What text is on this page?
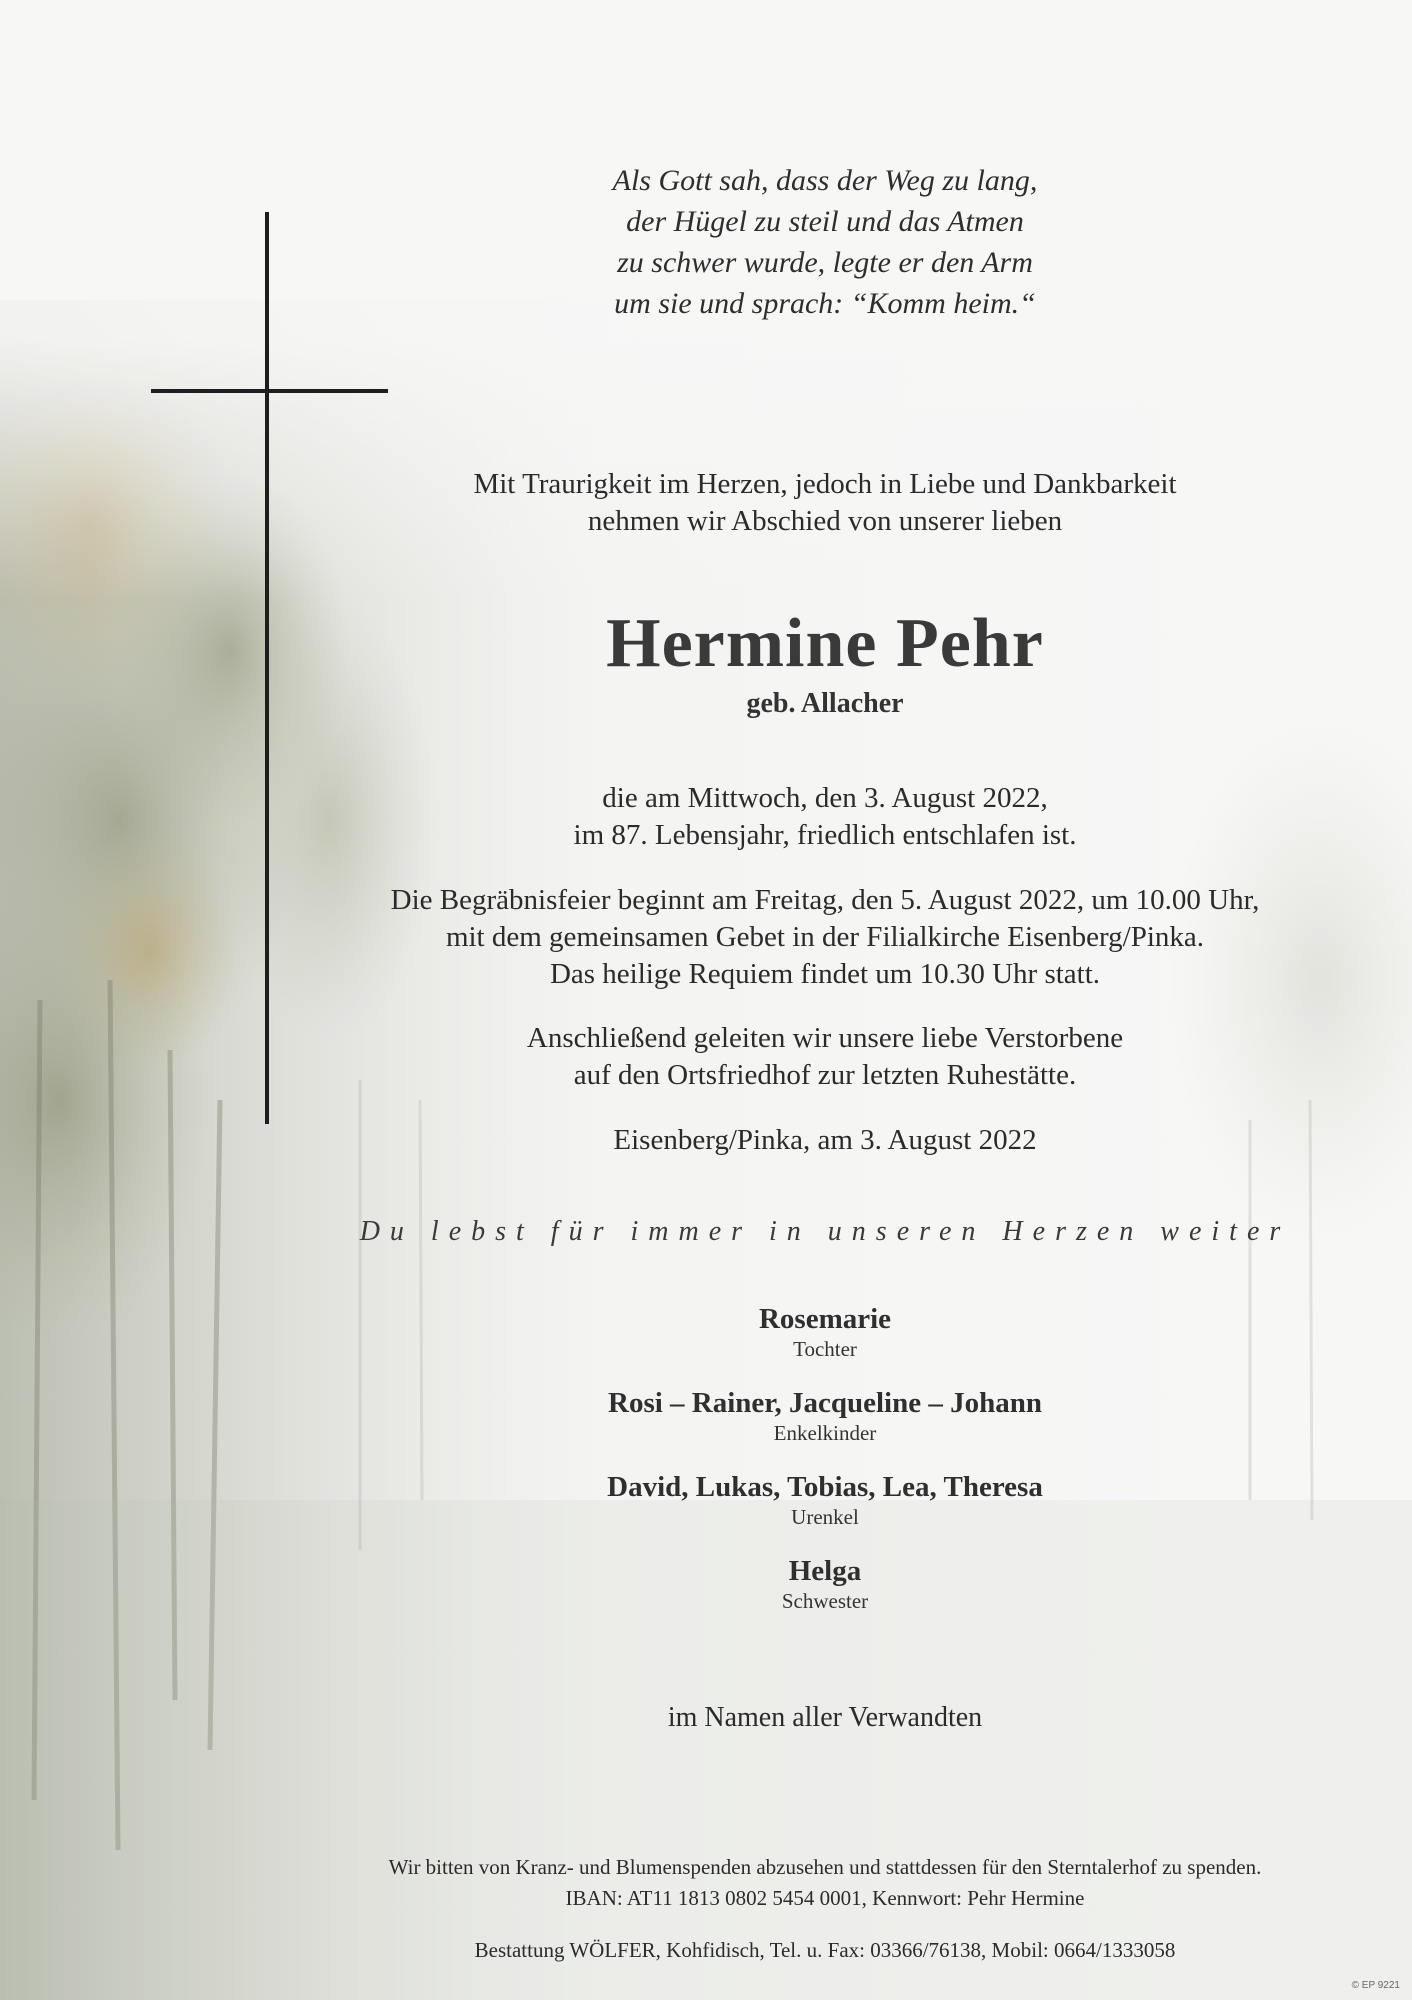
Als Gott sah, dass der Weg zu lang,
der Hügel zu steil und das Atmen
zu schwer wurde, legte er den Arm
um sie und sprach: “Komm heim.“
Mit Traurigkeit im Herzen, jedoch in Liebe und Dankbarkeit
nehmen wir Abschied von unserer lieben
Hermine Pehr
geb. Allacher
die am Mittwoch, den 3. August 2022,
im 87. Lebensjahr, friedlich entschlafen ist.
Die Begräbnisfeier beginnt am Freitag, den 5. August 2022, um 10.00 Uhr,
mit dem gemeinsamen Gebet in der Filialkirche Eisenberg/Pinka.
Das heilige Requiem findet um 10.30 Uhr statt.
Anschließend geleiten wir unsere liebe Verstorbene
auf den Ortsfriedhof zur letzten Ruhestätte.
Eisenberg/Pinka, am 3. August 2022
Du lebst für immer in unseren Herzen weiter
Rosemarie
Tochter
Rosi – Rainer, Jacqueline – Johann
Enkelkinder
David, Lukas, Tobias, Lea, Theresa
Urenkel
Helga
Schwester
im Namen aller Verwandten
Wir bitten von Kranz- und Blumenspenden abzusehen und stattdessen für den Sterntalerhof zu spenden.
IBAN: AT11 1813 0802 5454 0001, Kennwort: Pehr Hermine
Bestattung WÖLFER, Kohfidisch, Tel. u. Fax: 03366/76138, Mobil: 0664/1333058
© EP 9221
